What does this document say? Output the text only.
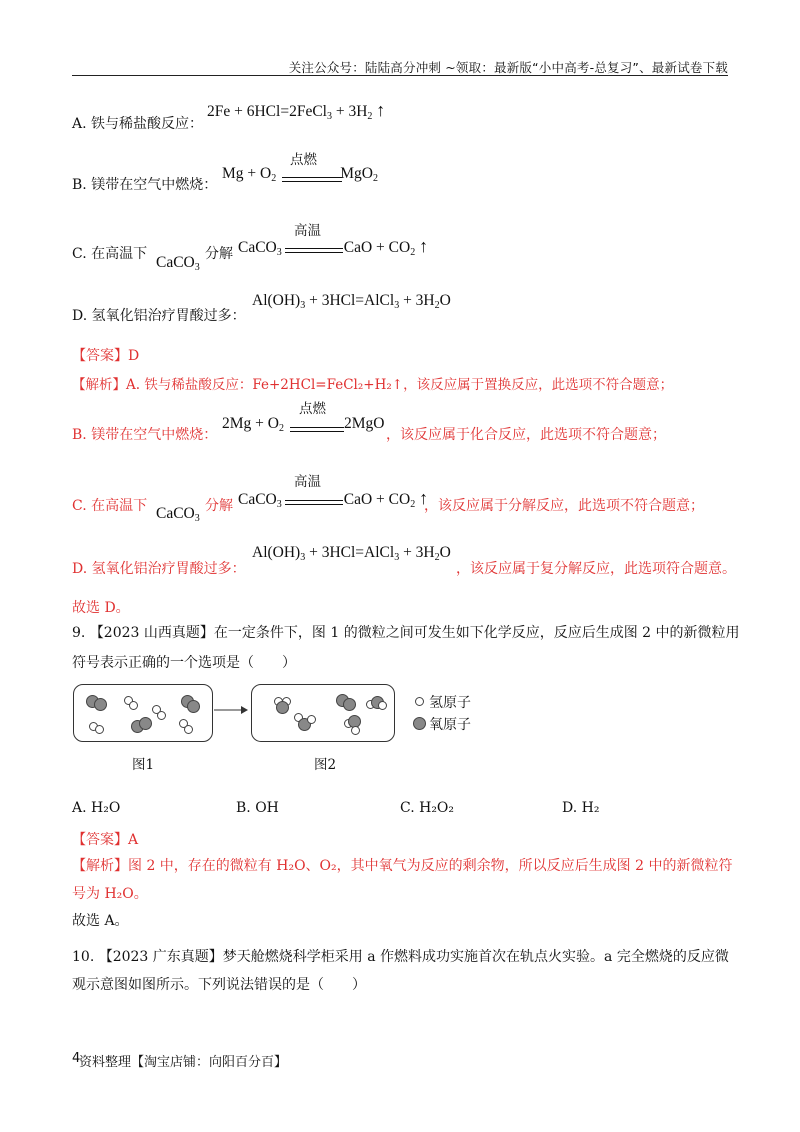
关注公众号：陆陆高分冲刺 ~领取：最新版“小中高考-总复习”、最新试卷下载
A. 铁与稀盐酸反应：
2Fe + 6HCl=2FeCl$_3$ + $3H_2$ ↑
B. 镁带在空气中燃烧：
$Mg + O_2$	MgO$_2$
点燃
C. 在高温下 CaCO$_3$
分解 CaCO$_3$	CaO + $CO_2$ ↑
高温
D. 氢氧化铝治疗胃酸过多：
$Al(OH)_3$ + 3HCl=AlCl$_3$ + $3H_2O$
【答案】D
【解析】A. 铁与稀盐酸反应：Fe+2HCl=FeCl₂+H₂↑，该反应属于置换反应，此选项不符合题意；
B. 镁带在空气中燃烧：
$2Mg + O_2$	2MgO
点燃
，该反应属于化合反应，此选项不符合题意；
C. 在高温下 CaCO$_3$
分解 CaCO$_3$	CaO + $CO_2$ ↑
高温
，该反应属于分解反应，此选项不符合题意；
D. 氢氧化铝治疗胃酸过多：
$Al(OH)_3$ + 3HCl=AlCl$_3$ + $3H_2O$
，该反应属于复分解反应，此选项符合题意。
故选 D。
9. 【2023 山西真题】在一定条件下，图 1 的微粒之间可发生如下化学反应，反应后生成图 2 中的新微粒用
符号表示正确的一个选项是（　　）
氢原子
氧原子
图1	图2
A. H₂O	B. OH	C. H₂O₂	D. H₂
【答案】A
【解析】图 2 中，存在的微粒有 H₂O、O₂，其中氧气为反应的剩余物，所以反应后生成图 2 中的新微粒符
号为 H₂O。
故选 A。
10. 【2023 广东真题】梦天舱燃烧科学柜采用 a 作燃料成功实施首次在轨点火实验。a 完全燃烧的反应微
观示意图如图所示。下列说法错误的是（　　）
4
资料整理【淘宝店铺：向阳百分百】
